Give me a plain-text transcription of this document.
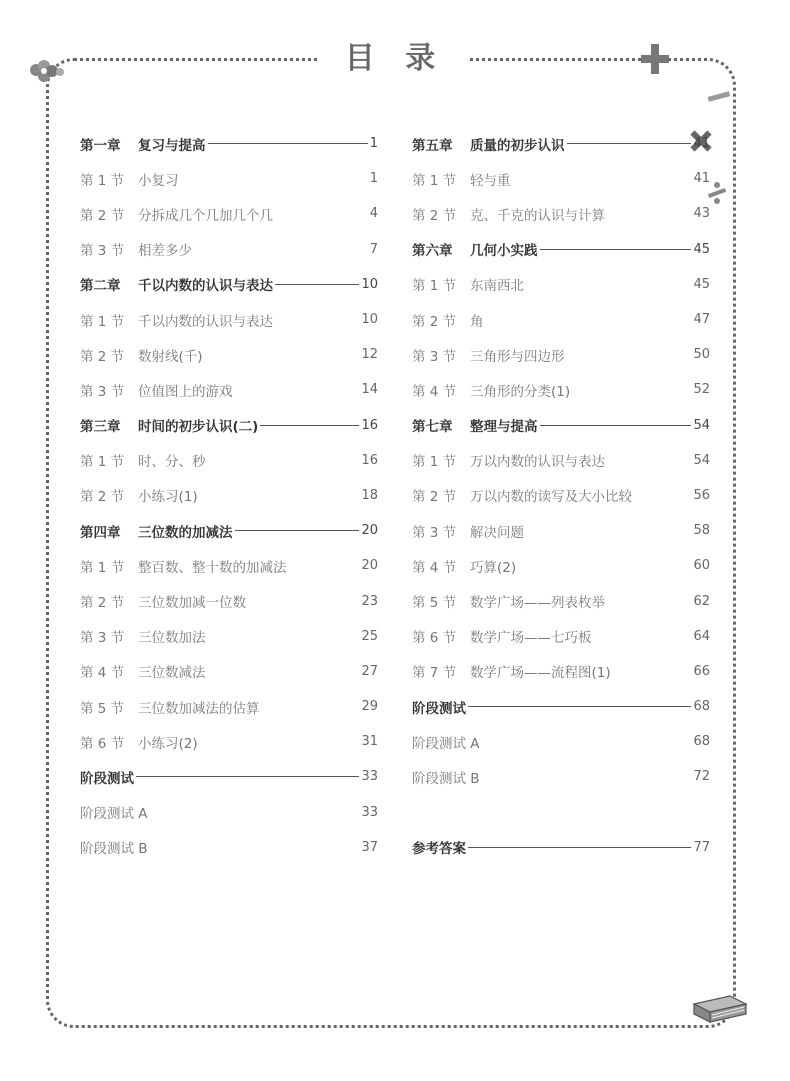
目 录
第一章	复习与提高	1
第 1 节	小复习	1
第 2 节	分拆成几个几加几个几	4
第 3 节	相差多少	7
第二章	千以内数的认识与表达	10
第 1 节	千以内数的认识与表达	10
第 2 节	数射线(千)	12
第 3 节	位值图上的游戏	14
第三章	时间的初步认识(二)	16
第 1 节	时、分、秒	16
第 2 节	小练习(1)	18
第四章	三位数的加减法	20
第 1 节	整百数、整十数的加减法	20
第 2 节	三位数加减一位数	23
第 3 节	三位数加法	25
第 4 节	三位数减法	27
第 5 节	三位数加减法的估算	29
第 6 节	小练习(2)	31
阶段测试	33
阶段测试 A	33
阶段测试 B	37
第五章	质量的初步认识	41
第 1 节	轻与重	41
第 2 节	克、千克的认识与计算	43
第六章	几何小实践	45
第 1 节	东南西北	45
第 2 节	角	47
第 3 节	三角形与四边形	50
第 4 节	三角形的分类(1)	52
第七章	整理与提高	54
第 1 节	万以内数的认识与表达	54
第 2 节	万以内数的读写及大小比较	56
第 3 节	解决问题	58
第 4 节	巧算(2)	60
第 5 节	数学广场——列表枚举	62
第 6 节	数学广场——七巧板	64
第 7 节	数学广场——流程图(1)	66
阶段测试	68
阶段测试 A	68
阶段测试 B	72
参考答案	77
